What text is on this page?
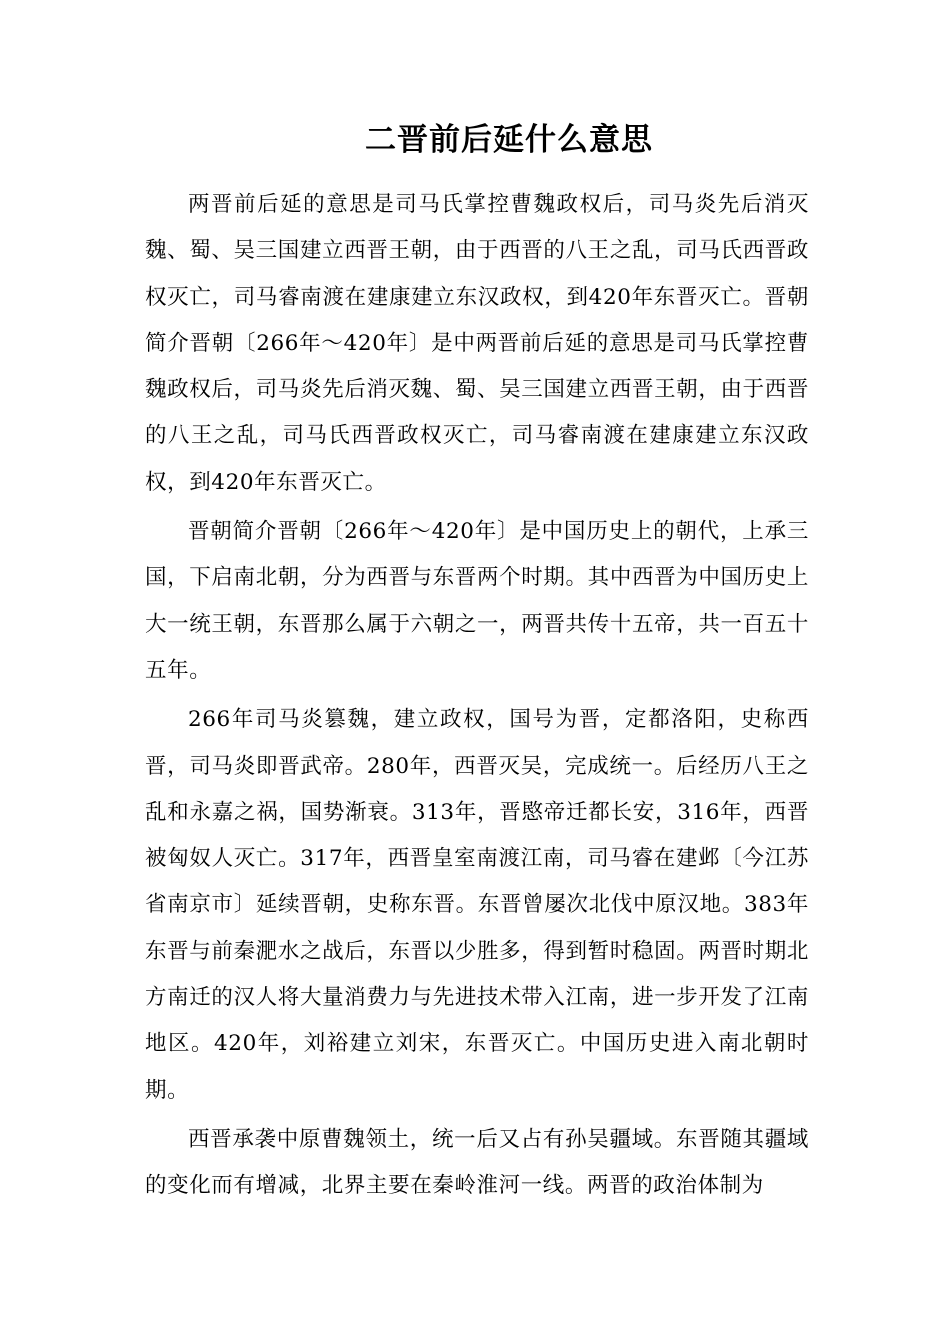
二晋前后延什么意思

两晋前后延的意思是司马氏掌控曹魏政权后，司马炎先后消灭魏、蜀、吴三国建立西晋王朝，由于西晋的八王之乱，司马氏西晋政权灭亡，司马睿南渡在建康建立东汉政权，到420年东晋灭亡。晋朝简介晋朝〔266年～420年〕是中两晋前后延的意思是司马氏掌控曹魏政权后，司马炎先后消灭魏、蜀、吴三国建立西晋王朝，由于西晋的八王之乱，司马氏西晋政权灭亡，司马睿南渡在建康建立东汉政权，到420年东晋灭亡。

晋朝简介晋朝〔266年～420年〕是中国历史上的朝代，上承三国，下启南北朝，分为西晋与东晋两个时期。其中西晋为中国历史上大一统王朝，东晋那么属于六朝之一，两晋共传十五帝，共一百五十五年。

266年司马炎篡魏，建立政权，国号为晋，定都洛阳，史称西晋，司马炎即晋武帝。280年，西晋灭吴，完成统一。后经历八王之乱和永嘉之祸，国势渐衰。313年，晋愍帝迁都长安，316年，西晋被匈奴人灭亡。317年，西晋皇室南渡江南，司马睿在建邺〔今江苏省南京市〕延续晋朝，史称东晋。东晋曾屡次北伐中原汉地。383年东晋与前秦淝水之战后，东晋以少胜多，得到暂时稳固。两晋时期北方南迁的汉人将大量消费力与先进技术带入江南，进一步开发了江南地区。420年，刘裕建立刘宋，东晋灭亡。中国历史进入南北朝时期。

西晋承袭中原曹魏领土，统一后又占有孙吴疆域。东晋随其疆域的变化而有增减，北界主要在秦岭淮河一线。两晋的政治体制为
